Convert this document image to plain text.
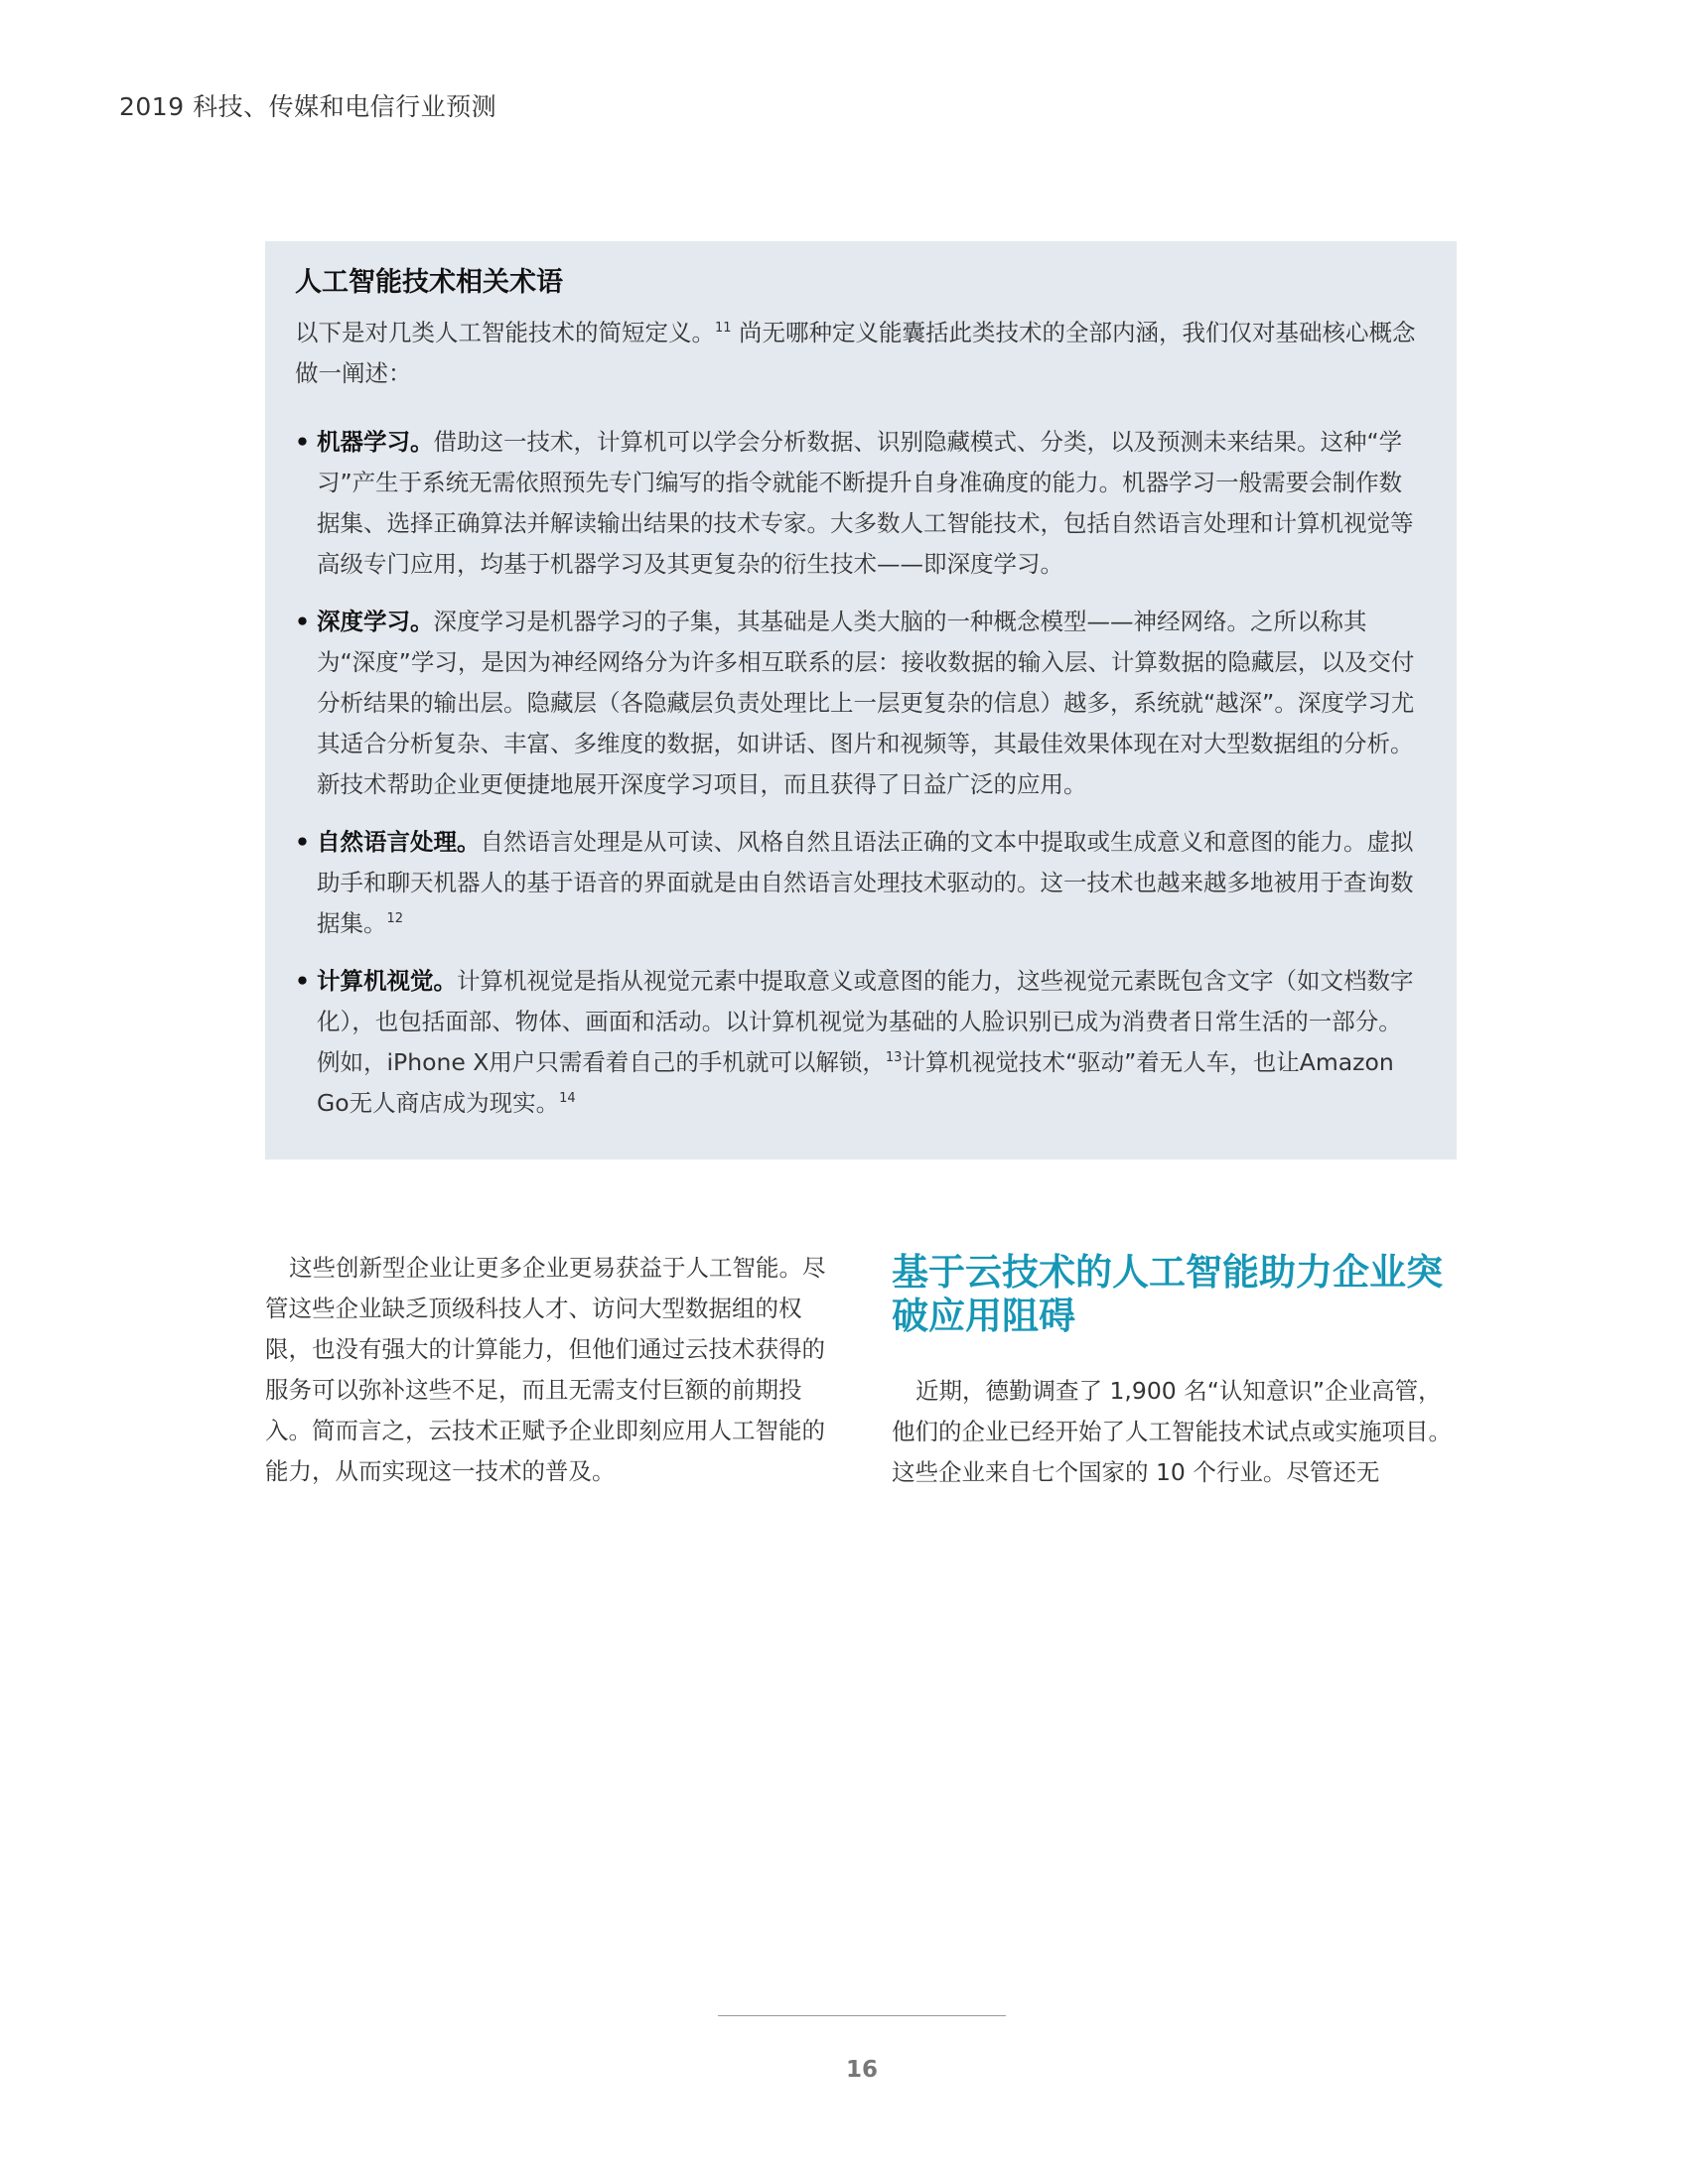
2019 科技、传媒和电信行业预测
人工智能技术相关术语

以下是对几类人工智能技术的简短定义。$^{11}$ 尚无哪种定义能囊括此类技术的全部内涵，我们仅对基础核心概念做一阐述：

• 机器学习。借助这一技术，计算机可以学会分析数据、识别隐藏模式、分类，以及预测未来结果。这种“学习”产生于系统无需依照预先专门编写的指令就能不断提升自身准确度的能力。机器学习一般需要会制作数据集、选择正确算法并解读输出结果的技术专家。大多数人工智能技术，包括自然语言处理和计算机视觉等高级专门应用，均基于机器学习及其更复杂的衍生技术——即深度学习。
• 深度学习。深度学习是机器学习的子集，其基础是人类大脑的一种概念模型——神经网络。之所以称其为“深度”学习，是因为神经网络分为许多相互联系的层：接收数据的输入层、计算数据的隐藏层，以及交付分析结果的输出层。隐藏层（各隐藏层负责处理比上一层更复杂的信息）越多，系统就“越深”。深度学习尤其适合分析复杂、丰富、多维度的数据，如讲话、图片和视频等，其最佳效果体现在对大型数据组的分析。新技术帮助企业更便捷地展开深度学习项目，而且获得了日益广泛的应用。
• 自然语言处理。自然语言处理是从可读、风格自然且语法正确的文本中提取或生成意义和意图的能力。虚拟助手和聊天机器人的基于语音的界面就是由自然语言处理技术驱动的。这一技术也越来越多地被用于查询数据集。$^{12}$
• 计算机视觉。计算机视觉是指从视觉元素中提取意义或意图的能力，这些视觉元素既包含文字（如文档数字化），也包括面部、物体、画面和活动。以计算机视觉为基础的人脸识别已成为消费者日常生活的一部分。例如，iPhone X用户只需看着自己的手机就可以解锁，$^{13}$计算机视觉技术“驱动”着无人车，也让Amazon Go无人商店成为现实。$^{14}$

这些创新型企业让更多企业更易获益于人工智能。尽管这些企业缺乏顶级科技人才、访问大型数据组的权限，也没有强大的计算能力，但他们通过云技术获得的服务可以弥补这些不足，而且无需支付巨额的前期投入。简而言之，云技术正赋予企业即刻应用人工智能的能力，从而实现这一技术的普及。

基于云技术的人工智能助力企业突破应用阻碍

近期，德勤调查了 1,900 名“认知意识”企业高管，他们的企业已经开始了人工智能技术试点或实施项目。这些企业来自七个国家的 10 个行业。尽管还无

16
